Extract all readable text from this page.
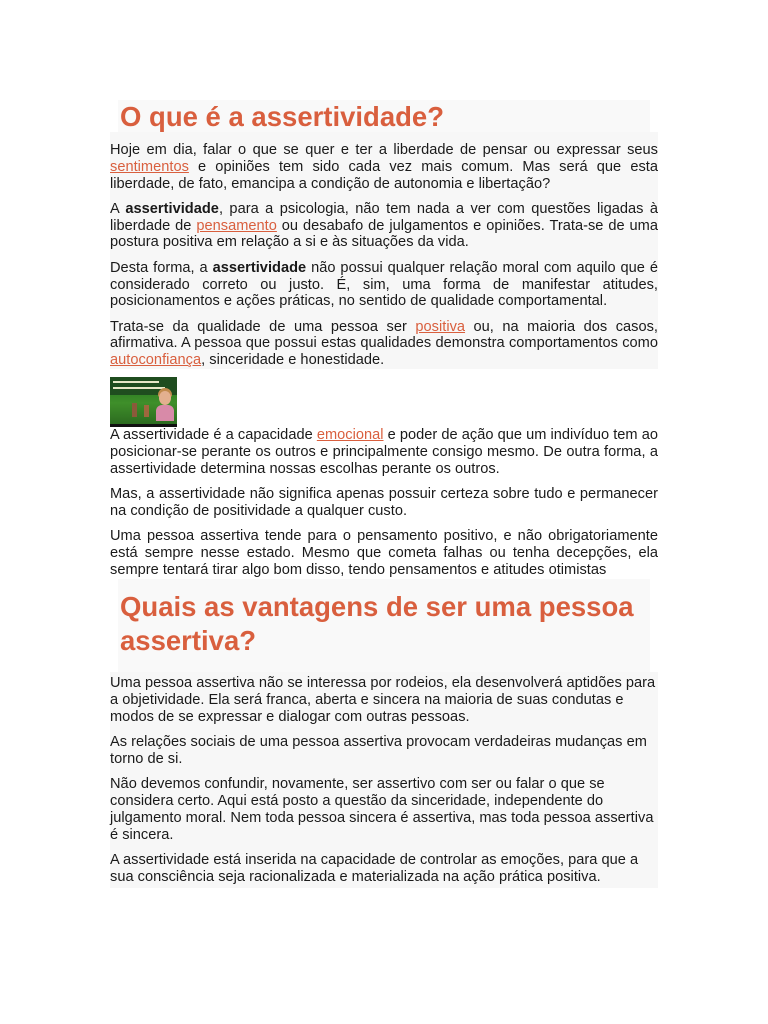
O que é a assertividade?

Hoje em dia, falar o que se quer e ter a liberdade de pensar ou expressar seus sentimentos e opiniões tem sido cada vez mais comum. Mas será que esta liberdade, de fato, emancipa a condição de autonomia e libertação?

A assertividade, para a psicologia, não tem nada a ver com questões ligadas à liberdade de pensamento ou desabafo de julgamentos e opiniões. Trata-se de uma postura positiva em relação a si e às situações da vida.

Desta forma, a assertividade não possui qualquer relação moral com aquilo que é considerado correto ou justo. É, sim, uma forma de manifestar atitudes, posicionamentos e ações práticas, no sentido de qualidade comportamental.

Trata-se da qualidade de uma pessoa ser positiva ou, na maioria dos casos, afirmativa. A pessoa que possui estas qualidades demonstra comportamentos como autoconfiança, sinceridade e honestidade.

A assertividade é a capacidade emocional e poder de ação que um indivíduo tem ao posicionar-se perante os outros e principalmente consigo mesmo. De outra forma, a assertividade determina nossas escolhas perante os outros.

Mas, a assertividade não significa apenas possuir certeza sobre tudo e permanecer na condição de positividade a qualquer custo.

Uma pessoa assertiva tende para o pensamento positivo, e não obrigatoriamente está sempre nesse estado. Mesmo que cometa falhas ou tenha decepções, ela sempre tentará tirar algo bom disso, tendo pensamentos e atitudes otimistas

Quais as vantagens de ser uma pessoa assertiva?

Uma pessoa assertiva não se interessa por rodeios, ela desenvolverá aptidões para a objetividade. Ela será franca, aberta e sincera na maioria de suas condutas e modos de se expressar e dialogar com outras pessoas.

As relações sociais de uma pessoa assertiva provocam verdadeiras mudanças em torno de si.

Não devemos confundir, novamente, ser assertivo com ser ou falar o que se considera certo. Aqui está posto a questão da sinceridade, independente do julgamento moral. Nem toda pessoa sincera é assertiva, mas toda pessoa assertiva é sincera.

A assertividade está inserida na capacidade de controlar as emoções, para que a sua consciência seja racionalizada e materializada na ação prática positiva.
